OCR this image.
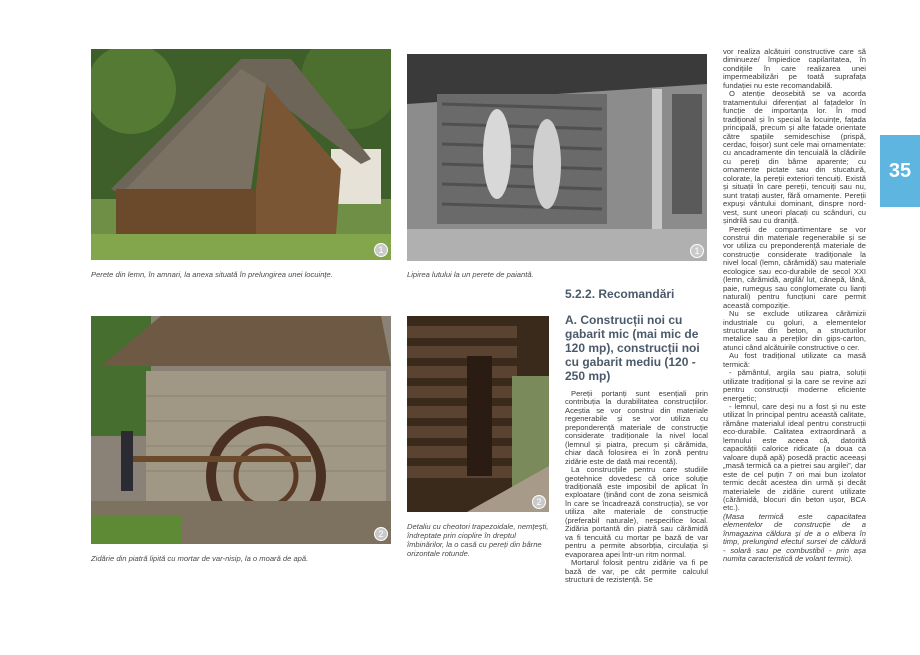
1
Perete din lemn, în amnari, la anexa situată în prelungirea unei locuințe.
1
Lipirea lutului la un perete de paiantă.
2
Zidărie din piatră lipită cu mortar de var-nisip, la o moară de apă.
2
Detaliu cu cheotori trapezoidale, nemțești, îndreptate prin cioplire în dreptul îmbinărilor, la o casă cu pereți din bârne orizontale rotunde.
5.2.2. Recomandări
A. Construcții noi cu gabarit mic (mai mic de 120 mp), construcții noi cu gabarit mediu (120 - 250 mp)

Pereții portanți sunt esențiali prin contribuția la durabilitatea construcțiilor. Aceștia se vor construi din materiale regenerabile și se vor utiliza cu preponderență materiale de construcție considerate tradiționale la nivel local (lemnul și piatra, precum și cărămida, chiar dacă folosirea ei în zonă pentru zidărie este de dată mai recentă).

La construcțiile pentru care studiile geotehnice dovedesc că orice soluție tradițională este imposibil de aplicat în exploatare (ținând cont de zona seismică în care se încadrează construcția), se vor utiliza alte materiale de construcție (preferabil naturale), nespecifice local. Zidăria portantă din piatră sau cărămidă va fi tencuită cu mortar pe bază de var pentru a permite absorbția, circulația și evaporarea apei într-un ritm normal.

Mortarul folosit pentru zidărie va fi pe bază de var, pe cât permite calculul structurii de rezistență. Se

vor realiza alcătuiri constructive care să diminueze/ împiedice capilaritatea, în condițiile în care realizarea unei impermeabilizări pe toată suprafața fundației nu este recomandabilă.

O atenție deosebită se va acorda tratamentului diferențiat al fațadelor în funcție de importanța lor. În mod tradițional și în special la locuințe, fațada principală, precum și alte fațade orientate către spațiile semideschise (prispă, cerdac, foișor) sunt cele mai ornamentate: cu ancadramente din tencuială la clădirile cu pereți din bârne aparente; cu ornamente pictate sau din stucatură, colorate, la pereții exteriori tencuiți. Există și situații în care pereții, tencuiți sau nu, sunt tratați auster, fără ornamente. Pereții expuși vântului dominant, dinspre nord-vest, sunt uneori placați cu scânduri, cu șindrilă sau cu draniță.

Pereții de compartimentare se vor construi din materiale regenerabile și se vor utiliza cu preponderență materiale de construcție considerate tradiționale la nivel local (lemn, cărămidă) sau materiale ecologice sau eco-durabile de secol XXI (lemn, cărămidă, argilă/ lut, cânepă, lână, paie, rumeguș sau conglomerate cu lianți naturali) pentru funcțiuni care permit această compoziție.

Nu se exclude utilizarea cărămizii industriale cu goluri, a elementelor structurale din beton, a structurilor metalice sau a pereților din gips-carton, atunci când alcătuirile constructive o cer.

Au fost tradițional utilizate ca masă termică:

- pământul, argila sau piatra, soluții utilizate tradițional și la care se revine azi pentru construcții moderne eficiente energetic;

- lemnul, care deși nu a fost și nu este utilizat în principal pentru această calitate, rămâne materialul ideal pentru construcții eco-durabile. Calitatea extraordinară a lemnului este aceea că, datorită capacității calorice ridicate (a doua ca valoare după apă) posedă practic aceeași „masă termică ca a pietrei sau argilei”, dar este de cel puțin 7 ori mai bun izolator termic decât acestea din urmă și decât materialele de zidărie curent utilizate (cărămidă, blocuri din beton ușor, BCA etc.).

(Masa termică este capacitatea elementelor de construcție de a înmagazina căldura și de a o elibera în timp, prelungind efectul sursei de căldură - solară sau pe combustibil - prin așa numita caracteristică de volant termic).

35
